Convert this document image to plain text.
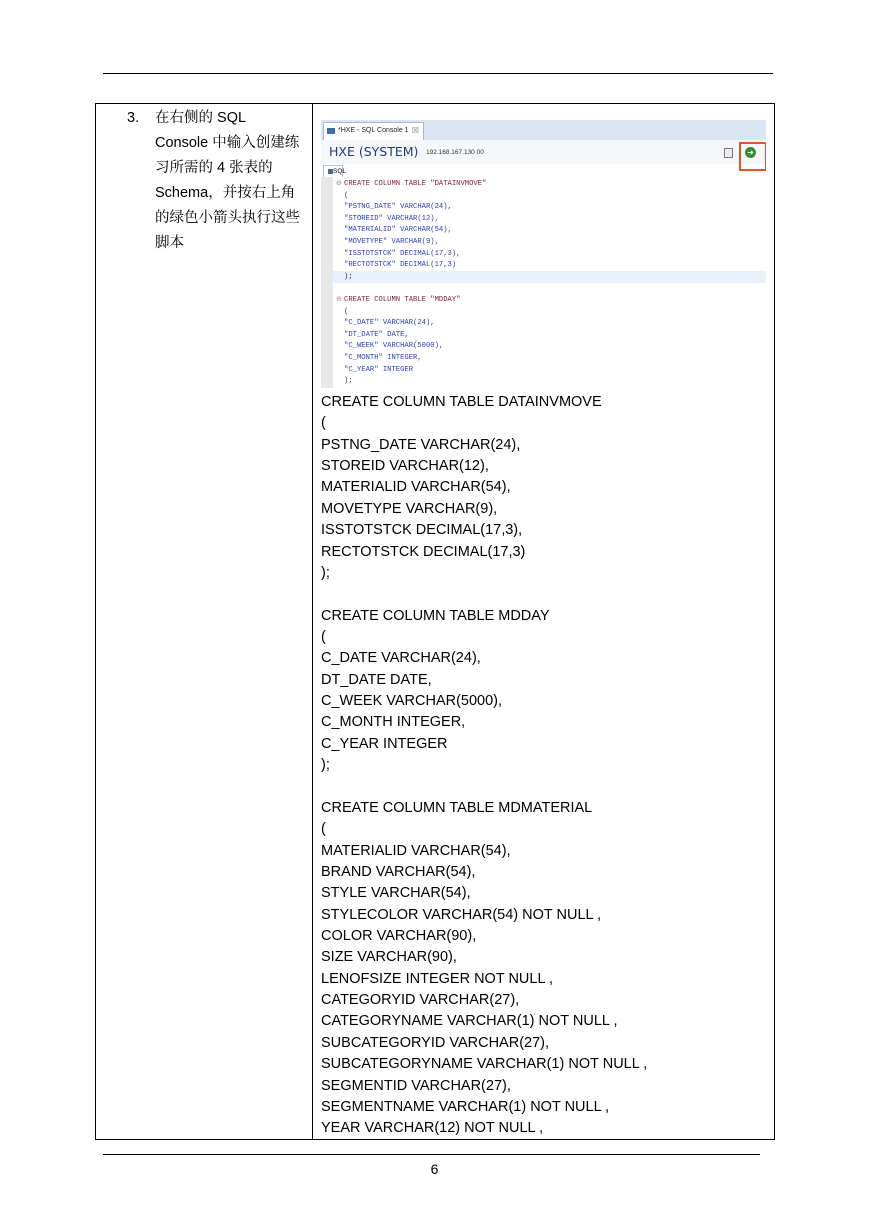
3. 在右侧的 SQL
Console 中输入创建练
习所需的 4 张表的
Schema，并按右上角
的绿色小箭头执行这些
脚本
*HXE - SQL Console 1 ☒
HXE (SYSTEM) 192.168.167.130 00	➜
SQL
⊖
⊖
CREATE COLUMN TABLE "DATAINVMOVE"
(
"PSTNG_DATE" VARCHAR(24),
"STOREID" VARCHAR(12),
"MATERIALID" VARCHAR(54),
"MOVETYPE" VARCHAR(9),
"ISSTOTSTCK" DECIMAL(17,3),
"RECTOTSTCK" DECIMAL(17,3)
);

CREATE COLUMN TABLE "MDDAY"
(
"C_DATE" VARCHAR(24),
"DT_DATE" DATE,
"C_WEEK" VARCHAR(5000),
"C_MONTH" INTEGER,
"C_YEAR" INTEGER
);
CREATE COLUMN TABLE DATAINVMOVE
(
PSTNG_DATE VARCHAR(24),
STOREID VARCHAR(12),
MATERIALID VARCHAR(54),
MOVETYPE VARCHAR(9),
ISSTOTSTCK DECIMAL(17,3),
RECTOTSTCK DECIMAL(17,3)
);
CREATE COLUMN TABLE MDDAY
(
C_DATE VARCHAR(24),
DT_DATE DATE,
C_WEEK VARCHAR(5000),
C_MONTH INTEGER,
C_YEAR INTEGER
);
CREATE COLUMN TABLE MDMATERIAL
(
MATERIALID VARCHAR(54),
BRAND VARCHAR(54),
STYLE VARCHAR(54),
STYLECOLOR VARCHAR(54) NOT NULL ,
COLOR VARCHAR(90),
SIZE VARCHAR(90),
LENOFSIZE INTEGER NOT NULL ,
CATEGORYID VARCHAR(27),
CATEGORYNAME VARCHAR(1) NOT NULL ,
SUBCATEGORYID VARCHAR(27),
SUBCATEGORYNAME VARCHAR(1) NOT NULL ,
SEGMENTID VARCHAR(27),
SEGMENTNAME VARCHAR(1) NOT NULL ,
YEAR VARCHAR(12) NOT NULL ,
6
